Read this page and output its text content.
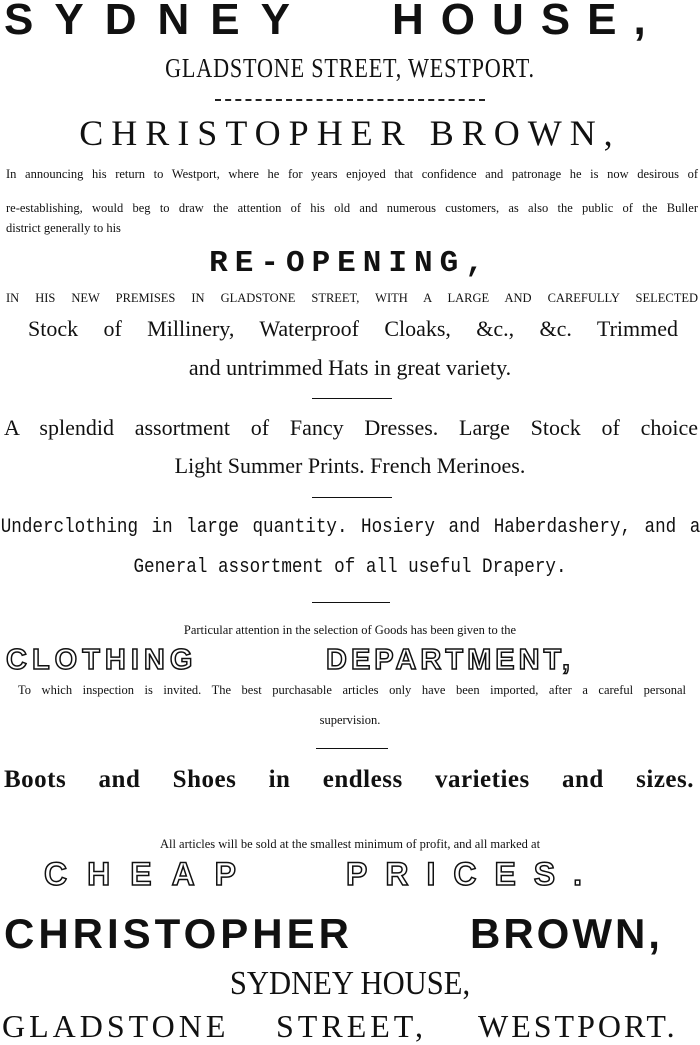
SYDNEY HOUSE,
GLADSTONE STREET, WESTPORT.
CHRISTOPHER BROWN,
In announcing his return to Westport, where he for years enjoyed that confidence and patronage he is now desirous of
re-establishing, would beg to draw the attention of his old and numerous customers, as also the public of the Buller
district generally to his
RE-OPENING,
IN HIS NEW PREMISES IN GLADSTONE STREET, WITH A LARGE AND CAREFULLY SELECTED
Stock of Millinery, Waterproof Cloaks, &c., &c. Trimmed
and untrimmed Hats in great variety.
A splendid assortment of Fancy Dresses. Large Stock of choice
Light Summer Prints. French Merinoes.
Underclothing in large quantity. Hosiery and Haberdashery, and a
General assortment of all useful Drapery.
Particular attention in the selection of Goods has been given to the
CLOTHING	DEPARTMENT,
To which inspection is invited. The best purchasable articles only have been imported, after a careful personal
supervision.
Boots and Shoes in endless varieties and sizes.
All articles will be sold at the smallest minimum of profit, and all marked at
CHEAP	PRICES.
CHRISTOPHER	BROWN,
SYDNEY HOUSE,
GLADSTONE STREET, WESTPORT.
